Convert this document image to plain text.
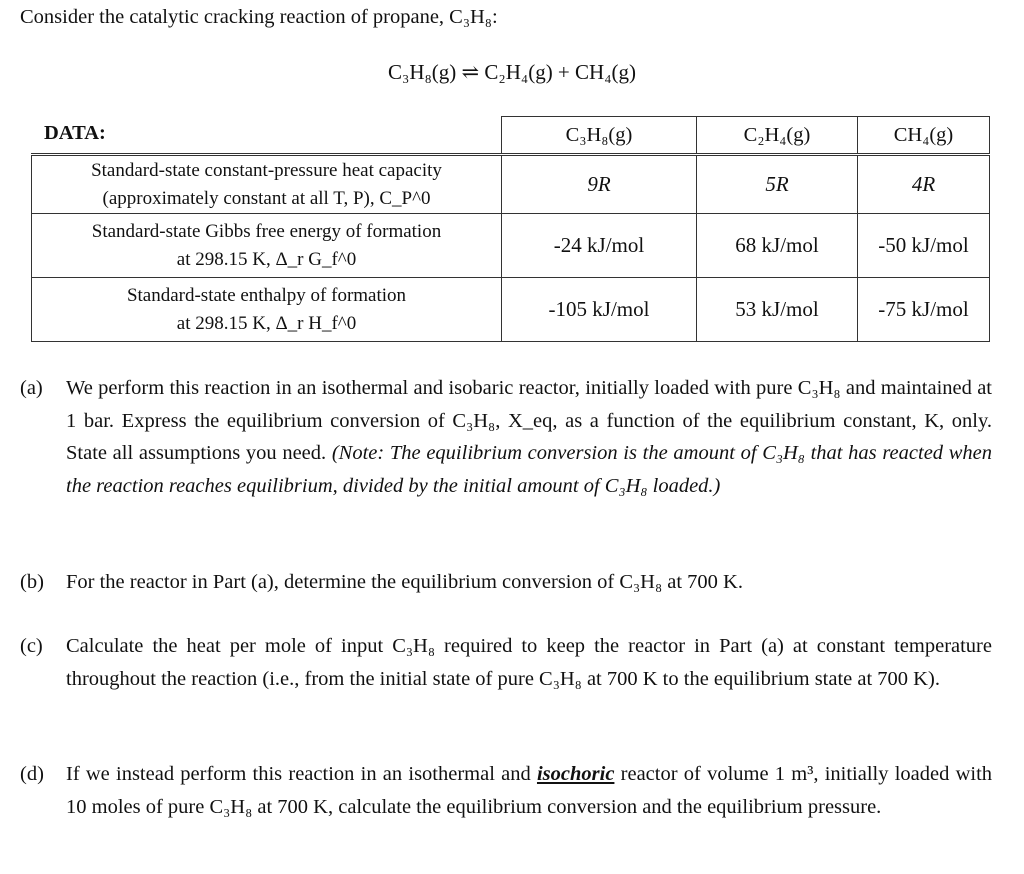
Consider the catalytic cracking reaction of propane, C₃H₈:
C₃H₈(g) ⇌ C₂H₄(g) + CH₄(g)
DATA:
		C₃H₈(g)	C₂H₄(g)	CH₄(g)

Standard-state constant-pressure heat capacity
(approximately constant at all T, P), C_P^0	9R	5R	4R

Standard-state Gibbs free energy of formation
at 298.15 K, Δ_r G_f^0	-24 kJ/mol	68 kJ/mol	-50 kJ/mol

Standard-state enthalpy of formation
at 298.15 K, Δ_r H_f^0	-105 kJ/mol	53 kJ/mol	-75 kJ/mol
(a) We perform this reaction in an isothermal and isobaric reactor, initially loaded with pure C₃H₈ and maintained at 1 bar. Express the equilibrium conversion of C₃H₈, X_eq, as a function of the equilibrium constant, K, only. State all assumptions you need. (Note: The equilibrium conversion is the amount of C₃H₈ that has reacted when the reaction reaches equilibrium, divided by the initial amount of C₃H₈ loaded.)
(b) For the reactor in Part (a), determine the equilibrium conversion of C₃H₈ at 700 K.
(c) Calculate the heat per mole of input C₃H₈ required to keep the reactor in Part (a) at constant temperature throughout the reaction (i.e., from the initial state of pure C₃H₈ at 700 K to the equilibrium state at 700 K).
(d) If we instead perform this reaction in an isothermal and isochoric reactor of volume 1 m³, initially loaded with 10 moles of pure C₃H₈ at 700 K, calculate the equilibrium conversion and the equilibrium pressure.
